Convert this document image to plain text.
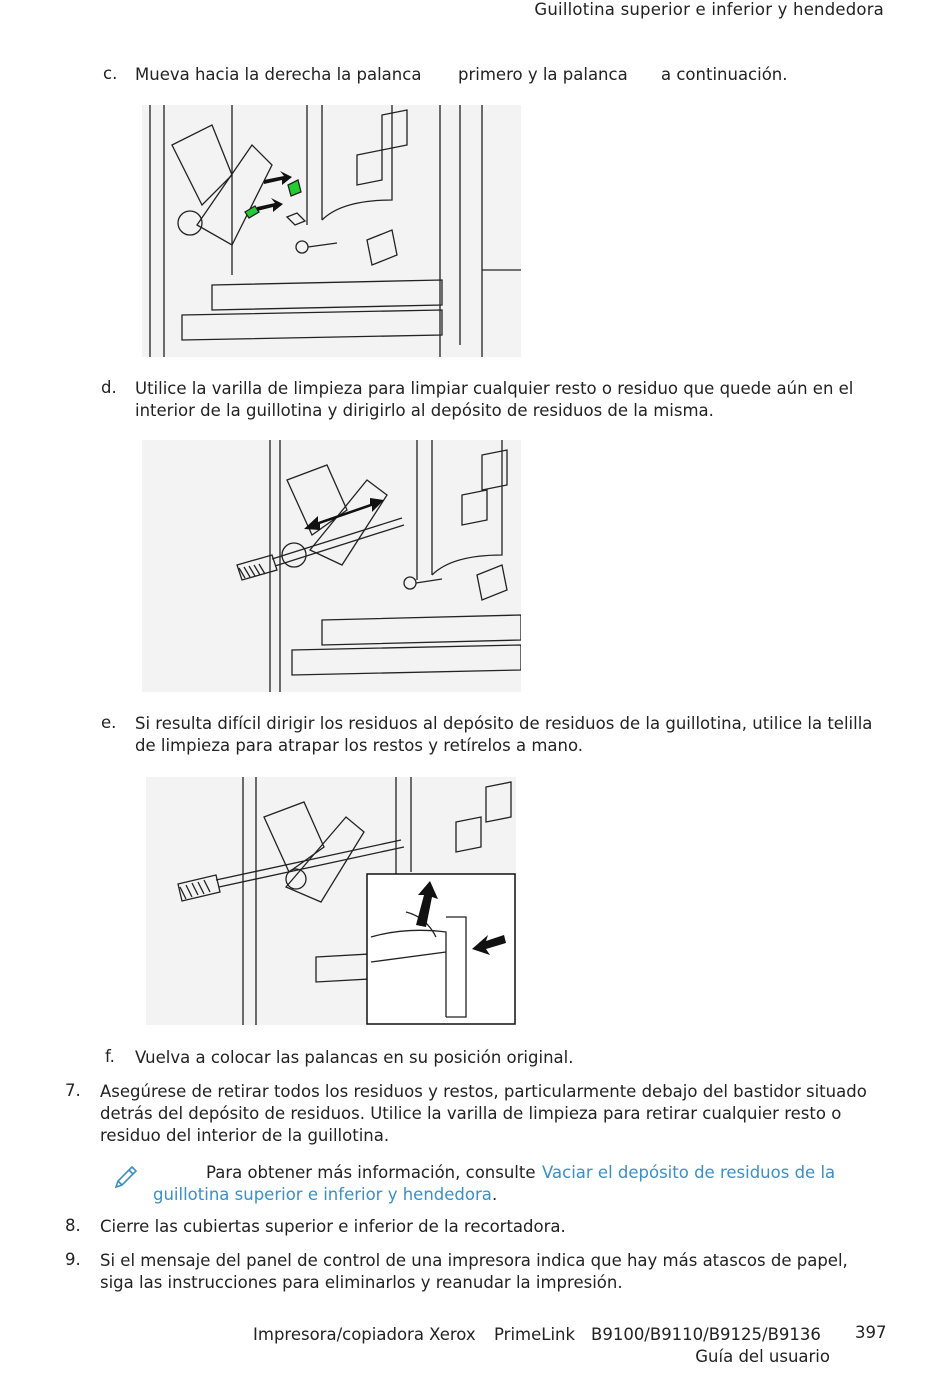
Guillotina superior e inferior y hendedora
c. Mueva hacia la derecha la palanca primero y la palanca a continuación.
d. Utilice la varilla de limpieza para limpiar cualquier resto o residuo que quede aún en el
interior de la guillotina y dirigirlo al depósito de residuos de la misma.
e. Si resulta difícil dirigir los residuos al depósito de residuos de la guillotina, utilice la telilla
de limpieza para atrapar los restos y retírelos a mano.
f. Vuelva a colocar las palancas en su posición original.
7. Asegúrese de retirar todos los residuos y restos, particularmente debajo del bastidor situado
detrás del depósito de residuos. Utilice la varilla de limpieza para retirar cualquier resto o
residuo del interior de la guillotina.
Para obtener más información, consulte Vaciar el depósito de residuos de la
guillotina superior e inferior y hendedora .
8. Cierre las cubiertas superior e inferior de la recortadora.
9. Si el mensaje del panel de control de una impresora indica que hay más atascos de papel,
siga las instrucciones para eliminarlos y reanudar la impresión.
Impresora/copiadora Xerox PrimeLink B9100/B9110/B9125/B9136
Guía del usuario
397
